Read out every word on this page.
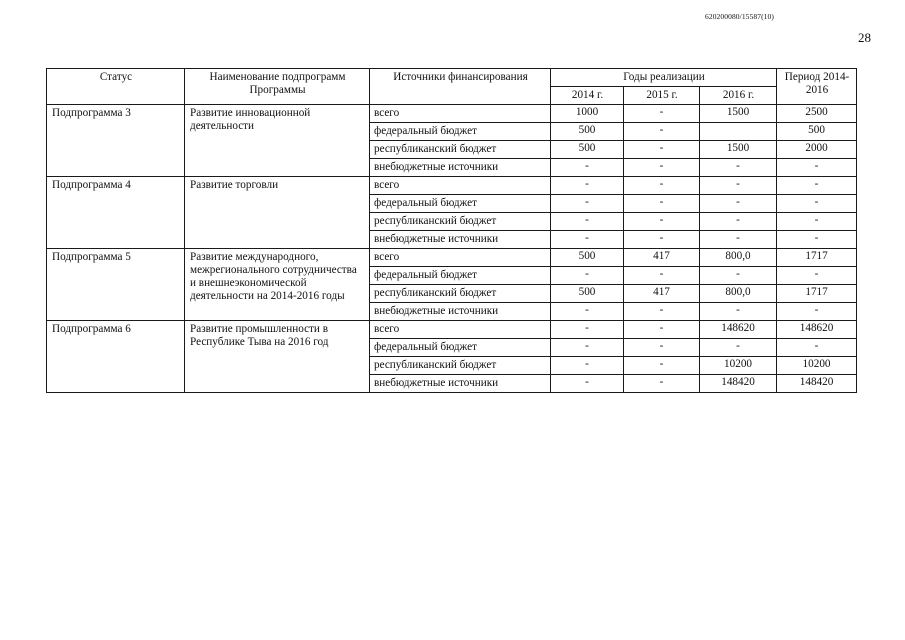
620200080/15587(10)
28
Статус	Наименование подпрограмм Программы	Источники финансирования	Годы реализации			Период 2014-2016
			2014 г.	2015 г.	2016 г.	
Подпрограмма 3	Развитие инновационной деятельности	всего	1000	-	1500	2500
		федеральный бюджет	500	-		500
		республиканский бюджет	500	-	1500	2000
		внебюджетные источники	-	-	-	-
Подпрограмма 4	Развитие торговли	всего	-	-	-	-
		федеральный бюджет	-	-	-	-
		республиканский бюджет	-	-	-	-
		внебюджетные источники	-	-	-	-
Подпрограмма 5	Развитие международного, межрегионального сотрудничества и внешнеэкономической деятельности на 2014-2016 годы	всего	500	417	800,0	1717
		федеральный бюджет	-	-	-	-
		республиканский бюджет	500	417	800,0	1717
		внебюджетные источники	-	-	-	-
Подпрограмма 6	Развитие промышленности в Республике Тыва на 2016 год	всего	-	-	148620	148620
		федеральный бюджет	-	-	-	-
		республиканский бюджет	-	-	10200	10200
		внебюджетные источники	-	-	148420	148420
